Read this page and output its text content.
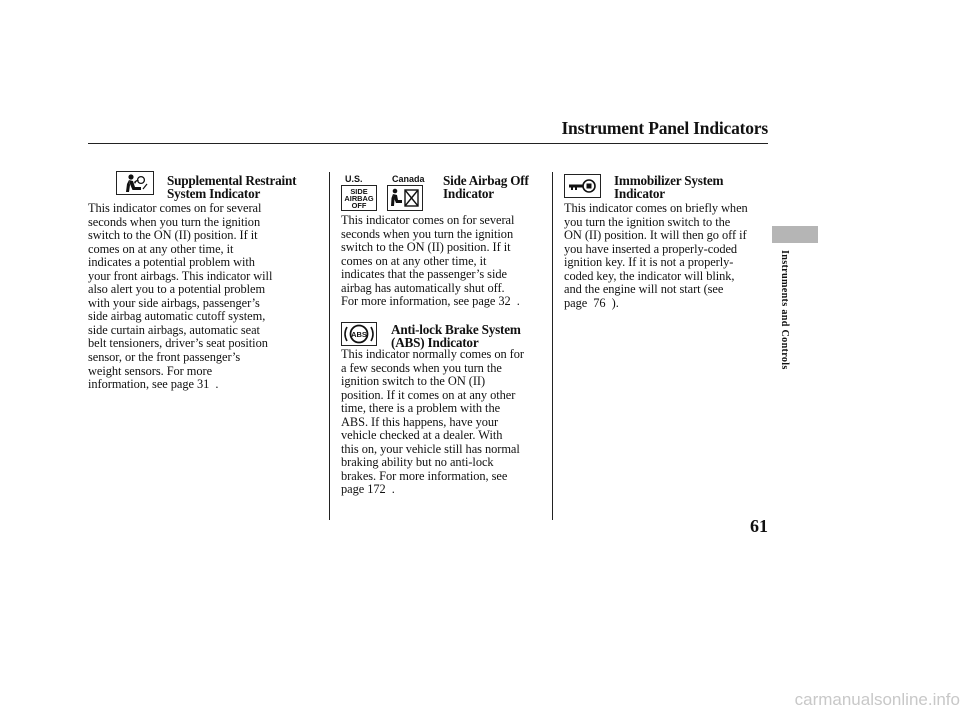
Instrument Panel Indicators
Instruments and Controls
Supplemental Restraint
System Indicator
This indicator comes on for several
seconds when you turn the ignition
switch to the ON (II) position. If it
comes on at any other time, it
indicates a potential problem with
your front airbags. This indicator will
also alert you to a potential problem
with your side airbags, passenger’s
side airbag automatic cutoff system,
side curtain airbags, automatic seat
belt tensioners, driver’s seat position
sensor, or the front passenger’s
weight sensors. For more
information, see page 31  .
U.S.	Canada
SIDE
AIRBAG
OFF
Side Airbag Off
Indicator
This indicator comes on for several
seconds when you turn the ignition
switch to the ON (II) position. If it
comes on at any other time, it
indicates that the passenger’s side
airbag has automatically shut off.
For more information, see page 32  .
ABS Anti-lock Brake System
(ABS) Indicator
This indicator normally comes on for
a few seconds when you turn the
ignition switch to the ON (II)
position. If it comes on at any other
time, there is a problem with the
ABS. If this happens, have your
vehicle checked at a dealer. With
this on, your vehicle still has normal
braking ability but no anti-lock
brakes. For more information, see
page 172  .
Immobilizer System
Indicator
This indicator comes on briefly when
you turn the ignition switch to the
ON (II) position. It will then go off if
you have inserted a properly-coded
ignition key. If it is not a properly-
coded key, the indicator will blink,
and the engine will not start (see
page  76  ).
61
carmanualsonline.info
